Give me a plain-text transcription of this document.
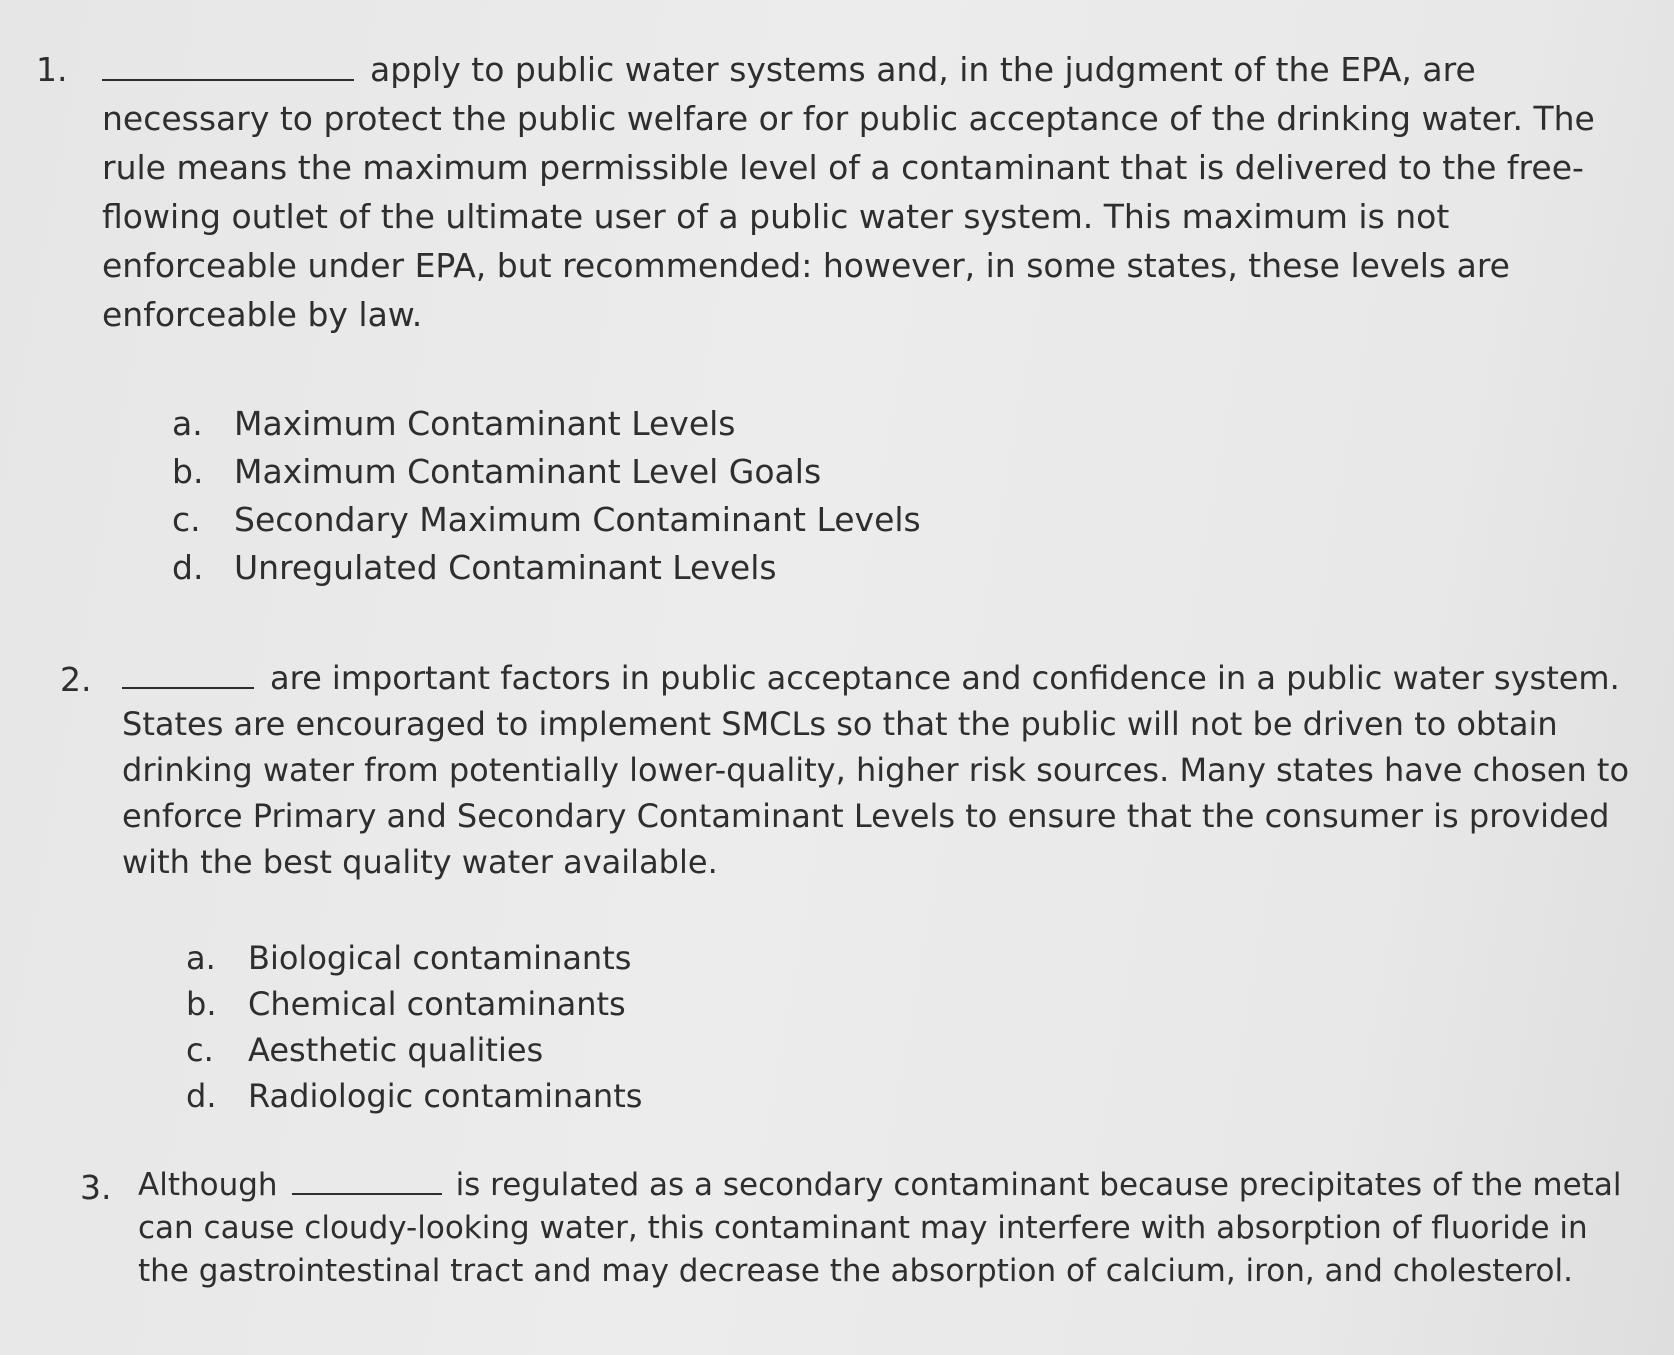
1.	apply to public water systems and, in the judgment of the EPA, are necessary to protect the public welfare or for public acceptance of the drinking water. The rule means the maximum permissible level of a contaminant that is delivered to the free-flowing outlet of the ultimate user of a public water system. This maximum is not enforceable under EPA, but recommended: however, in some states, these levels are enforceable by law.
a. Maximum Contaminant Levels
b. Maximum Contaminant Level Goals
c. Secondary Maximum Contaminant Levels
d. Unregulated Contaminant Levels
2.	are important factors in public acceptance and confidence in a public water system. States are encouraged to implement SMCLs so that the public will not be driven to obtain drinking water from potentially lower-quality, higher risk sources. Many states have chosen to enforce Primary and Secondary Contaminant Levels to ensure that the consumer is provided with the best quality water available.
a. Biological contaminants
b. Chemical contaminants
c. Aesthetic qualities
d. Radiologic contaminants
3. Although	is regulated as a secondary contaminant because precipitates of the metal can cause cloudy-looking water, this contaminant may interfere with absorption of fluoride in the gastrointestinal tract and may decrease the absorption of calcium, iron, and cholesterol.
